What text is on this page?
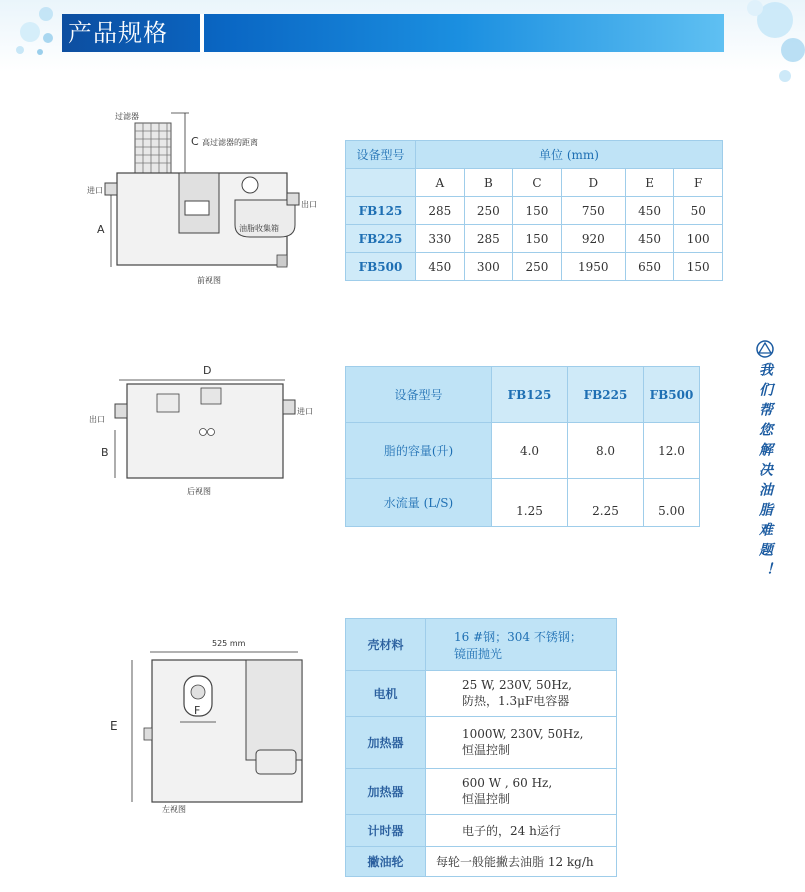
产品规格
过滤器
C 高过滤器的距离
油脂收集箱
进口
出口
A
前视图
D
出口
进口
B
后视图
525 mm
F
E
左视图
设备型号	单位 (mm)					
	A	B	C	D	E	F
FB125	285	250	150	750	450	50
FB225	330	285	150	920	450	100
FB500	450	300	250	1950	650	150
设备型号	FB125	FB225	FB500
脂的容量(升)	4.0	8.0	12.0
水流量 (L/S)	1.25	2.25	5.00
壳材料	16 #钢；304 不锈钢；
镜面抛光

电机	25 W, 230V, 50Hz,
防热，1.3μF电容器

加热器	1000W, 230V, 50Hz,
恒温控制

加热器	600 W , 60 Hz,
恒温控制

计时器	电子的，24 h运行

撇油轮	每轮一般能撇去油脂 12 kg/h
我们帮您解决油脂难题！
